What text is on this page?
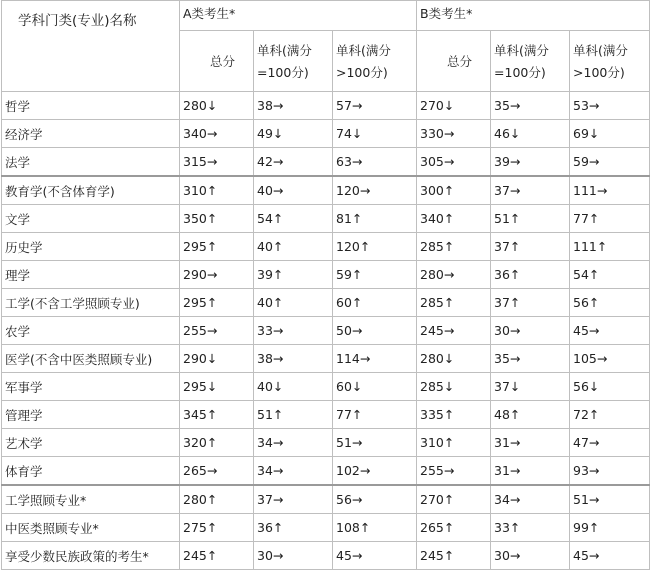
学科门类(专业)名称	A类考生*			B类考生*		
	总分	单科(满分=100分)	单科(满分>100分)	总分	单科(满分=100分)	单科(满分>100分)
哲学	280↓	38→	57→	270↓	35→	53→
经济学	340→	49↓	74↓	330→	46↓	69↓
法学	315→	42→	63→	305→	39→	59→
教育学(不含体育学)	310↑	40→	120→	300↑	37→	111→
文学	350↑	54↑	81↑	340↑	51↑	77↑
历史学	295↑	40↑	120↑	285↑	37↑	111↑
理学	290→	39↑	59↑	280→	36↑	54↑
工学(不含工学照顾专业)	295↑	40↑	60↑	285↑	37↑	56↑
农学	255→	33→	50→	245→	30→	45→
医学(不含中医类照顾专业)	290↓	38→	114→	280↓	35→	105→
军事学	295↓	40↓	60↓	285↓	37↓	56↓
管理学	345↑	51↑	77↑	335↑	48↑	72↑
艺术学	320↑	34→	51→	310↑	31→	47→
体育学	265→	34→	102→	255→	31→	93→
工学照顾专业*	280↑	37→	56→	270↑	34→	51→
中医类照顾专业*	275↑	36↑	108↑	265↑	33↑	99↑
享受少数民族政策的考生*	245↑	30→	45→	245↑	30→	45→
